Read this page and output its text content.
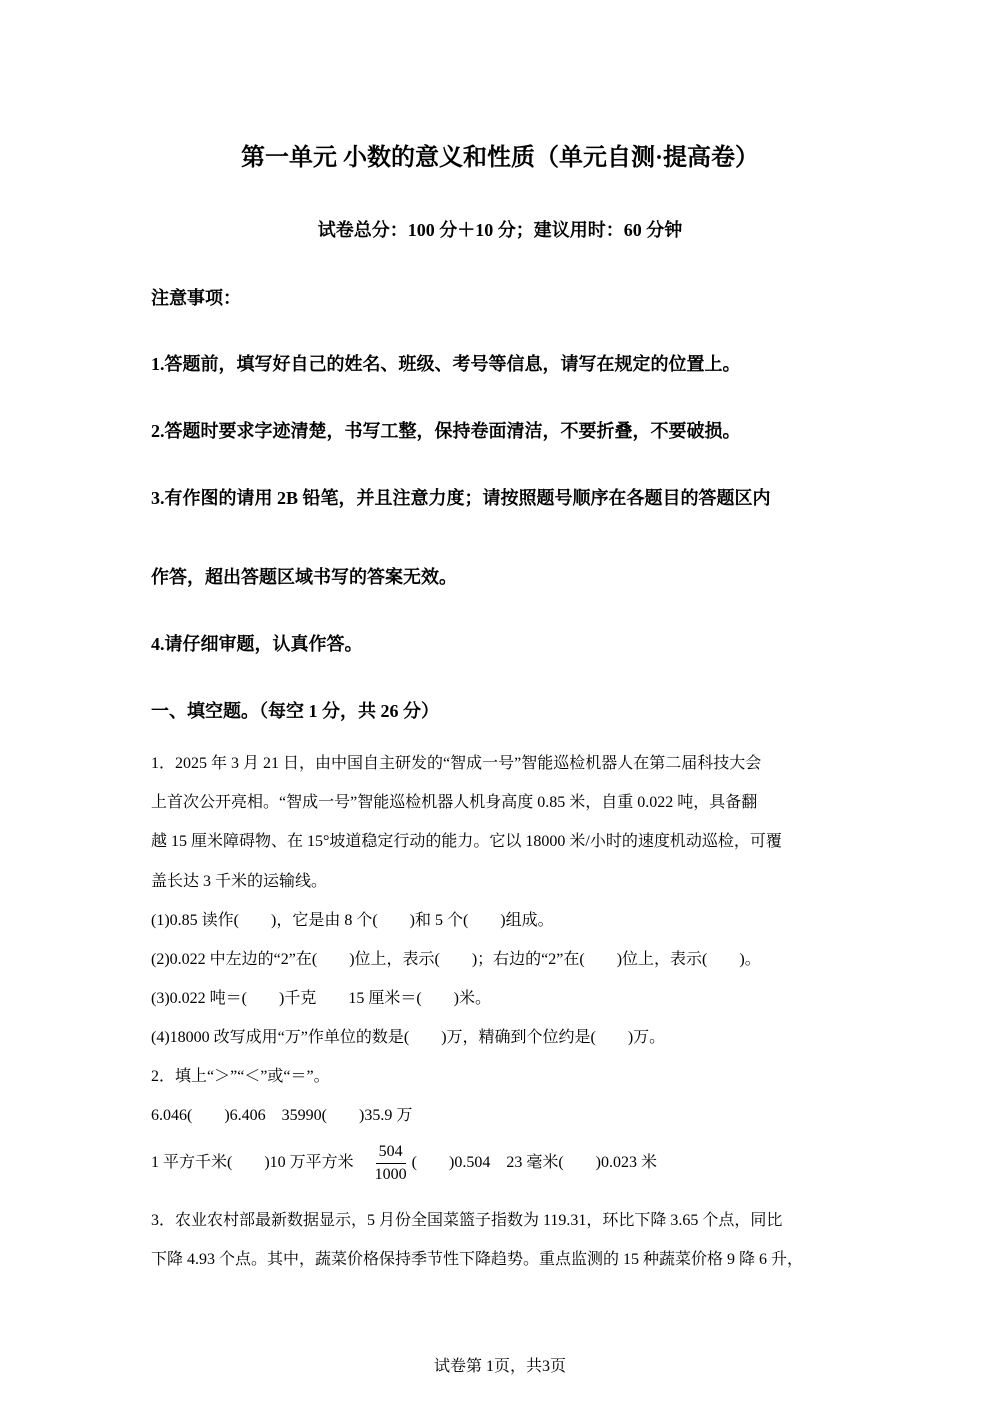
第一单元 小数的意义和性质（单元自测·提高卷）
试卷总分：100 分＋10 分；建议用时：60 分钟
注意事项：
1.答题前，填写好自己的姓名、班级、考号等信息，请写在规定的位置上。
2.答题时要求字迹清楚，书写工整，保持卷面清洁，不要折叠，不要破损。
3.有作图的请用 2B 铅笔，并且注意力度；请按照题号顺序在各题目的答题区内
作答，超出答题区域书写的答案无效。
4.请仔细审题，认真作答。
一、填空题。（每空 1 分，共 26 分）
1．2025 年 3 月 21 日，由中国自主研发的“智成一号”智能巡检机器人在第二届科技大会
上首次公开亮相。“智成一号”智能巡检机器人机身高度 0.85 米，自重 0.022 吨，具备翻
越 15 厘米障碍物、在 15°坡道稳定行动的能力。它以 18000 米/小时的速度机动巡检，可覆
盖长达 3 千米的运输线。
(1)0.85 读作(　　)，它是由 8 个(　　)和 5 个(　　)组成。
(2)0.022 中左边的“2”在(　　)位上，表示(　　)；右边的“2”在(　　)位上，表示(　　)。
(3)0.022 吨＝(　　)千克　　15 厘米＝(　　)米。
(4)18000 改写成用“万”作单位的数是(　　)万，精确到个位约是(　　)万。
2．填上“＞”“＜”或“＝”。
6.046(　　)6.406　35990(　　)35.9 万
1 平方千米(　　)10 万平方米 $\frac{504}{1000}$ (　　)0.504　23 毫米(　　)0.023 米
3．农业农村部最新数据显示，5 月份全国菜篮子指数为 119.31，环比下降 3.65 个点，同比
下降 4.93 个点。其中，蔬菜价格保持季节性下降趋势。重点监测的 15 种蔬菜价格 9 降 6 升，
试卷第 1页，共3页
